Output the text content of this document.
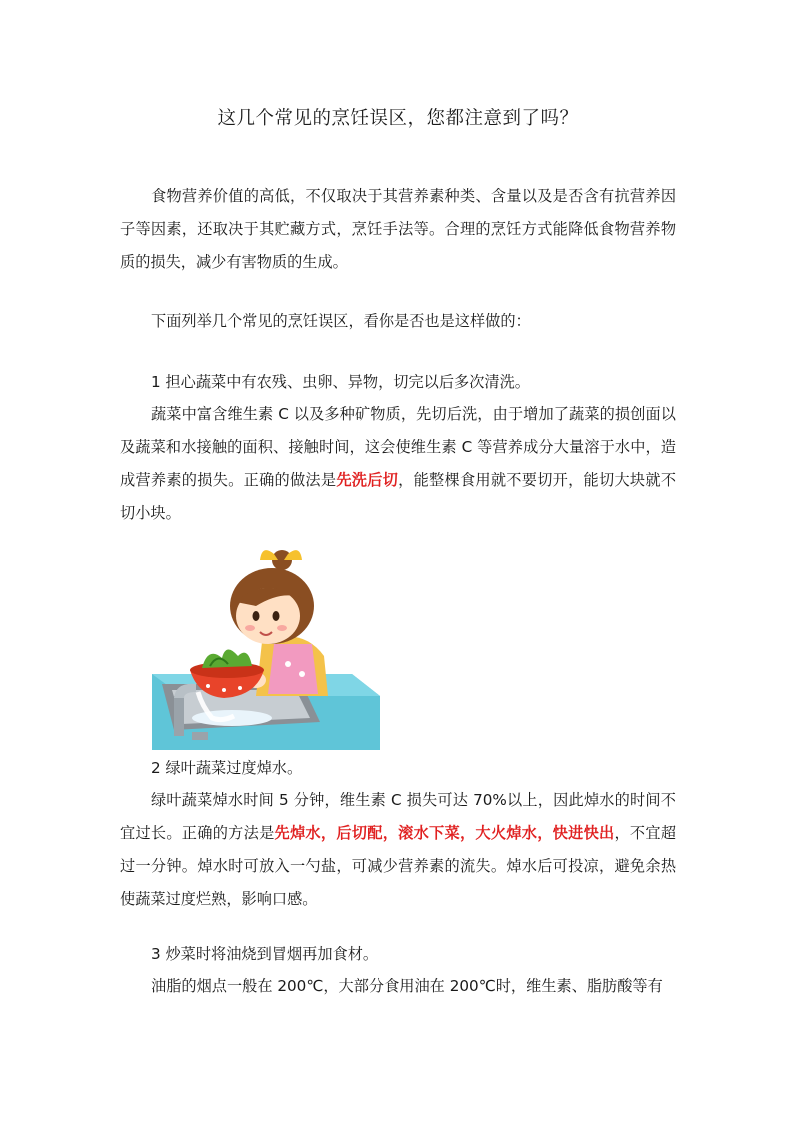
这几个常见的烹饪误区，您都注意到了吗？

食物营养价值的高低，不仅取决于其营养素种类、含量以及是否含有抗营养因子等因素，还取决于其贮藏方式，烹饪手法等。合理的烹饪方式能降低食物营养物质的损失，减少有害物质的生成。

下面列举几个常见的烹饪误区，看你是否也是这样做的：

1 担心蔬菜中有农残、虫卵、异物，切完以后多次清洗。

蔬菜中富含维生素 C 以及多种矿物质，先切后洗，由于增加了蔬菜的损创面以及蔬菜和水接触的面积、接触时间，这会使维生素 C 等营养成分大量溶于水中，造成营养素的损失。正确的做法是先洗后切，能整棵食用就不要切开，能切大块就不切小块。

2 绿叶蔬菜过度焯水。

绿叶蔬菜焯水时间 5 分钟，维生素 C 损失可达 70%以上，因此焯水的时间不宜过长。正确的方法是先焯水，后切配，滚水下菜，大火焯水，快进快出，不宜超过一分钟。焯水时可放入一勺盐，可减少营养素的流失。焯水后可投凉，避免余热使蔬菜过度烂熟，影响口感。

3 炒菜时将油烧到冒烟再加食材。

油脂的烟点一般在 200℃，大部分食用油在 200℃时，维生素、脂肪酸等有
